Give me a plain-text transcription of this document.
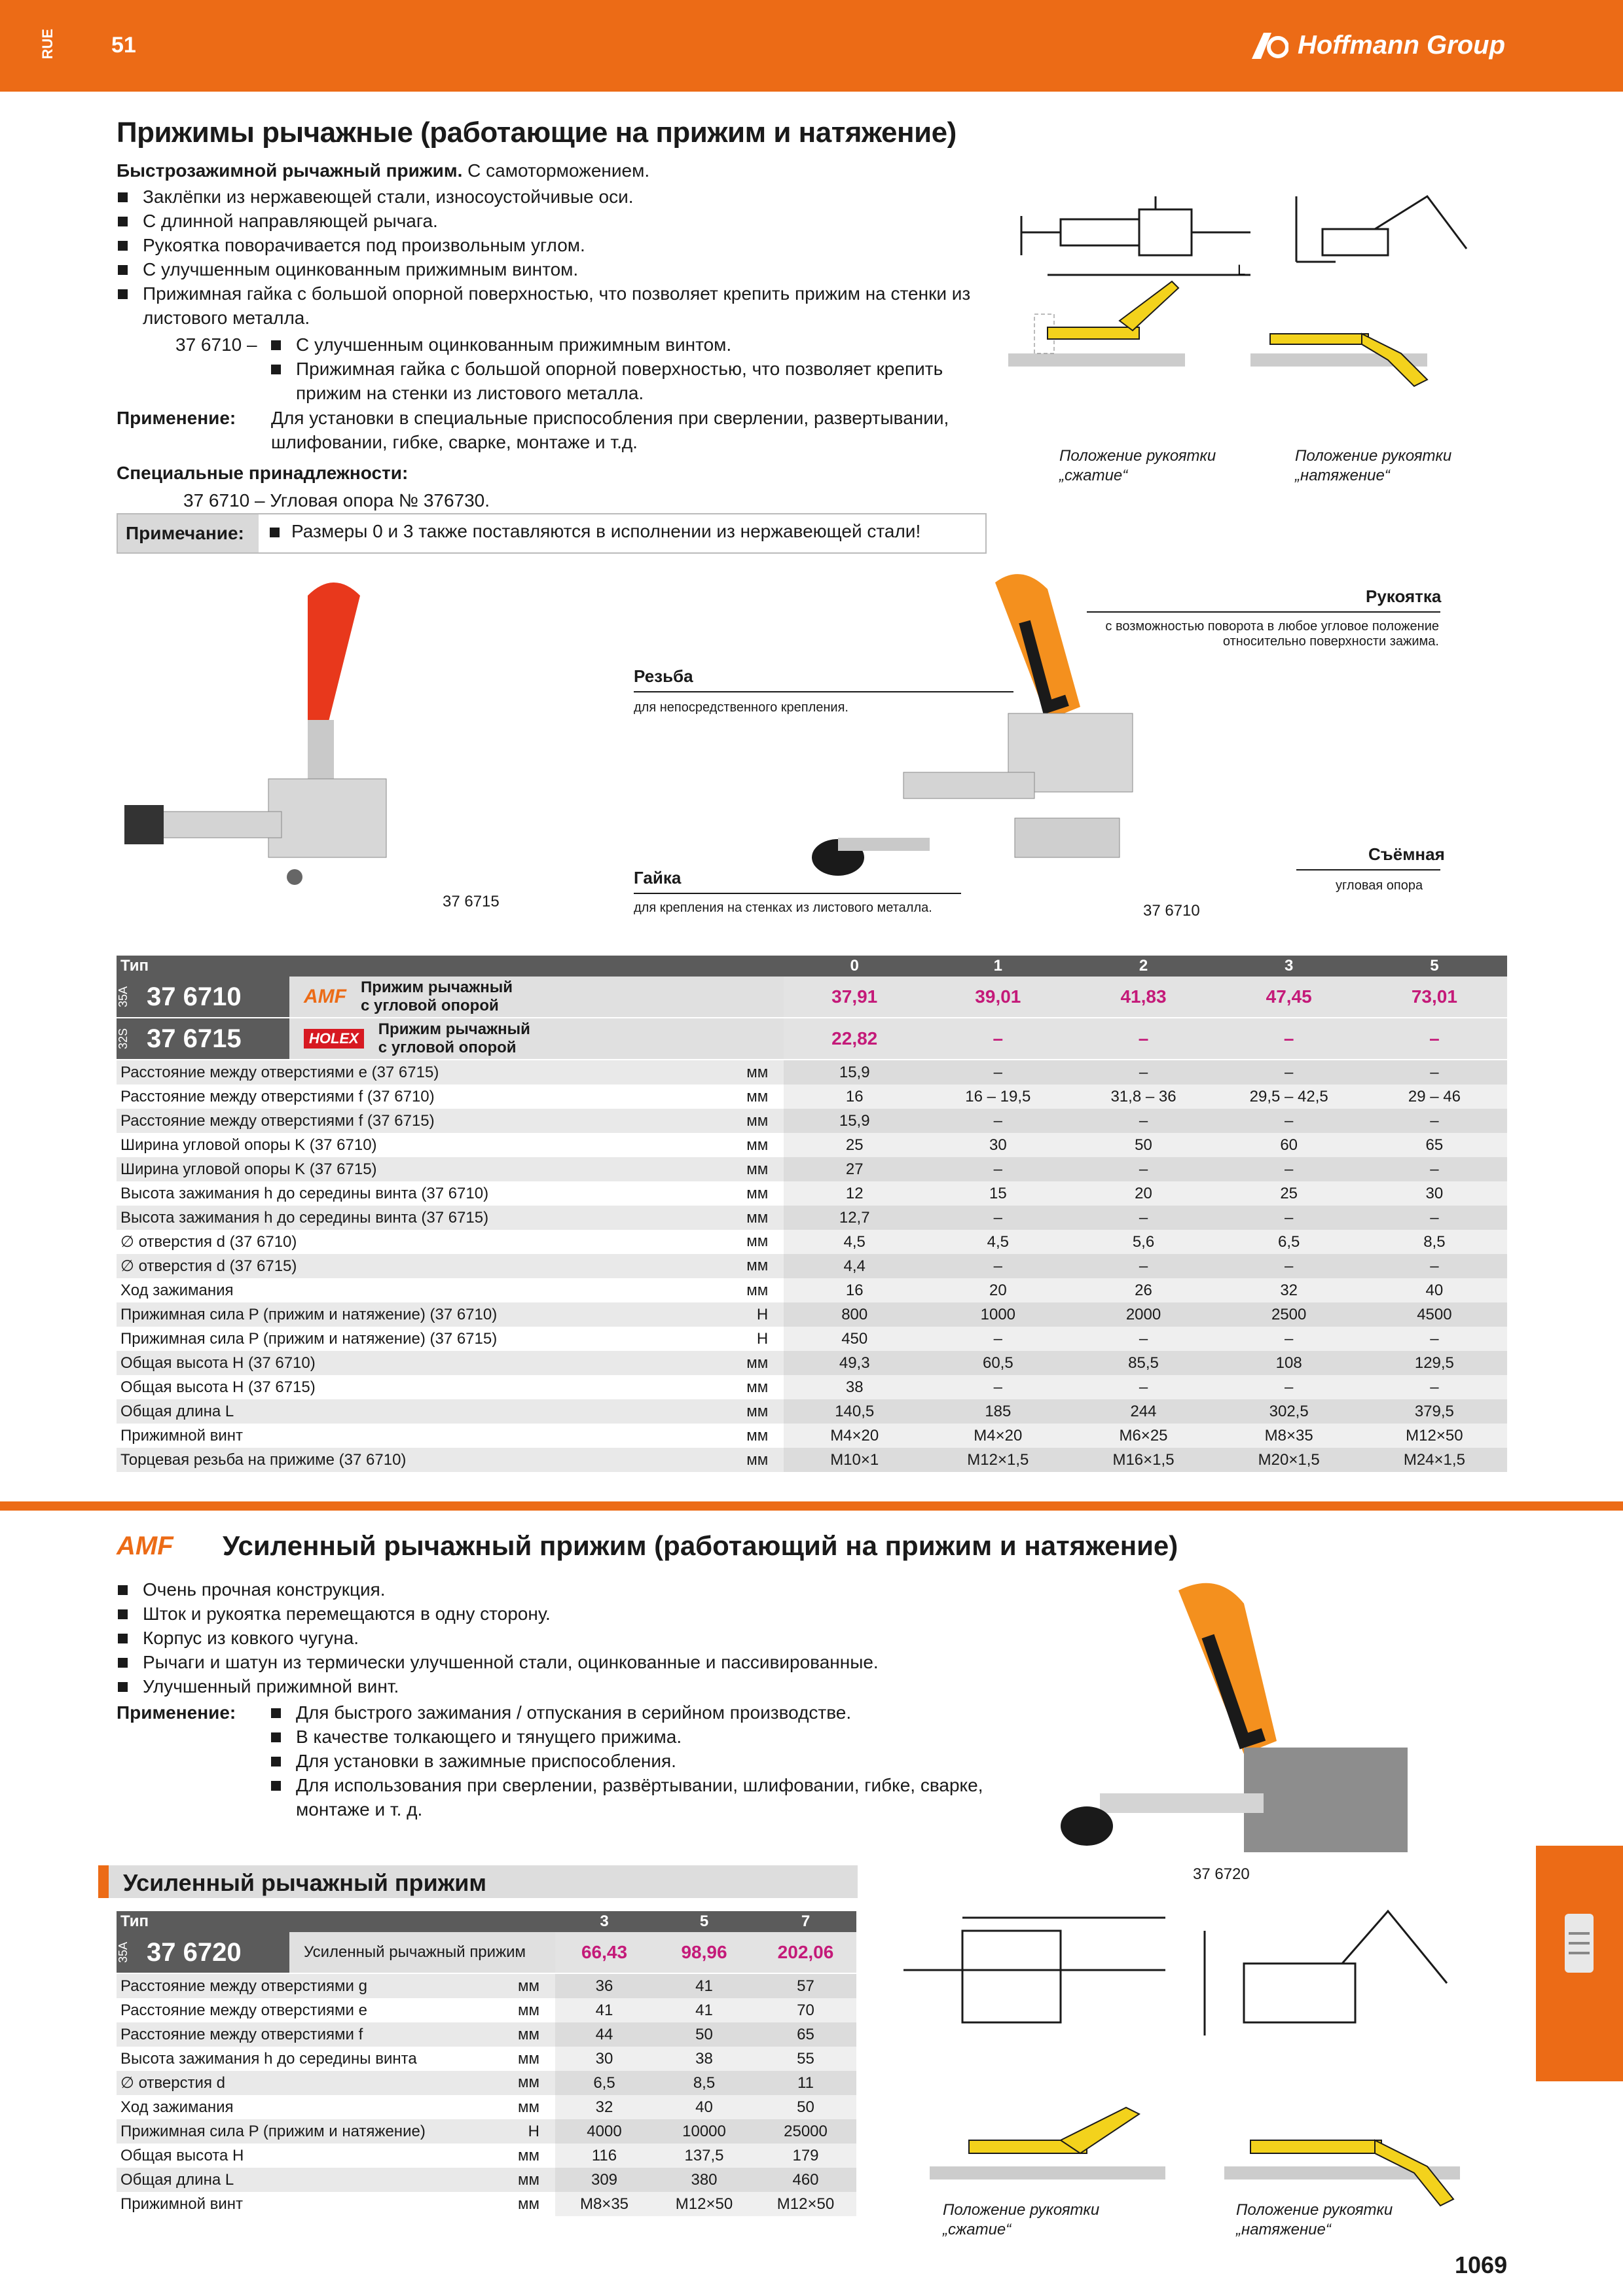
RUE	51	Hoffmann Group
Прижимы рычажные (работающие на прижим и натяжение)
Быстрозажимной рычажный прижим. С самоторможением.
Заклёпки из нержавеющей стали, износоустойчивые оси.
С длинной направляющей рычага.
Рукоятка поворачивается под произвольным углом.
С улучшенным оцинкованным прижимным винтом.
Прижимная гайка с большой опорной поверхностью, что позволяет крепить прижим на стенки из листового металла.
37 6710 –	С улучшенным оцинкованным прижимным винтом.
Прижимная гайка с большой опорной поверхностью, что позволяет крепить прижим на стенки из листового металла.
Применение: Для установки в специальные приспособления при сверлении, развертывании, шлифовании, гибке, сварке, монтаже и т.д.
Специальные принадлежности:
37 6710 – Угловая опора № 376730.
Примечание:	Размеры 0 и 3 также поставляются в исполнении из нержавеющей стали!
L
Положение рукоятки
„сжатие“
Положение рукоятки
„натяжение“
37 6715
37 6710
Рукоятка
с возможностью поворота в любое угловое положение
относительно поверхности зажима.
Резьба
для непосредственного крепления.
Гайка
для крепления на стенках из листового металла.
Съёмная
угловая опора
Тип	0	1	2	3	5

35A 37 6710 AMF Прижим рычажный
с угловой опорой	37,91	39,01	41,83	47,45	73,01

32S 37 6715 HOLEX
Прижим рычажный
с угловой опорой	22,82	–	–	–	–

Расстояние между отверстиями e (37 6715) мм	15,9	–	–	–	–

Расстояние между отверстиями f (37 6710) мм	16	16 – 19,5	31,8 – 36	29,5 – 42,5	29 – 46

Расстояние между отверстиями f (37 6715) мм	15,9	–	–	–	–

Ширина угловой опоры K (37 6710) мм	25	30	50	60	65

Ширина угловой опоры K (37 6715) мм	27	–	–	–	–

Высота зажимания h до середины винта (37 6710) мм	12	15	20	25	30

Высота зажимания h до середины винта (37 6715) мм	12,7	–	–	–	–

∅ отверстия d (37 6710) мм	4,5	4,5	5,6	6,5	8,5

∅ отверстия d (37 6715) мм	4,4	–	–	–	–

Ход зажимания мм	16	20	26	32	40

Прижимная сила P (прижим и натяжение) (37 6710) Н	800	1000	2000	2500	4500

Прижимная сила P (прижим и натяжение) (37 6715) Н	450	–	–	–	–

Общая высота H (37 6710) мм	49,3	60,5	85,5	108	129,5

Общая высота H (37 6715) мм	38	–	–	–	–

Общая длина L мм	140,5	185	244	302,5	379,5

Прижимной винт мм	M4×20	M4×20	M6×25	M8×35	M12×50

Торцевая резьба на прижиме (37 6710) мм	M10×1	M12×1,5	M16×1,5	M20×1,5	M24×1,5
AMF Усиленный рычажный прижим (работающий на прижим и натяжение)
Очень прочная конструкция.
Шток и рукоятка перемещаются в одну сторону.
Корпус из ковкого чугуна.
Рычаги и шатун из термически улучшенной стали, оцинкованные и пассивированные.
Улучшенный прижимной винт.
Применение:	Для быстрого зажимания / отпускания в серийном производстве.
В качестве толкающего и тянущего прижима.
Для установки в зажимные приспособления.
Для использования при сверлении, развёртывании, шлифовании, гибке, сварке, монтаже и т. д.
37 6720
Усиленный рычажный прижим
Тип	3	5	7

35A 37 6720 Усиленный рычажный прижим	66,43	98,96	202,06

Расстояние между отверстиями g мм	36	41	57

Расстояние между отверстиями e мм	41	41	70

Расстояние между отверстиями f мм	44	50	65

Высота зажимания h до середины винта мм	30	38	55

∅ отверстия d мм	6,5	8,5	11

Ход зажимания мм	32	40	50

Прижимная сила P (прижим и натяжение) Н	4000	10000	25000

Общая высота H мм	116	137,5	179

Общая длина L мм	309	380	460

Прижимной винт мм	M8×35	M12×50	M12×50	Положение рукоятки
„сжатие“
Положение рукоятки
„натяжение“
1069
